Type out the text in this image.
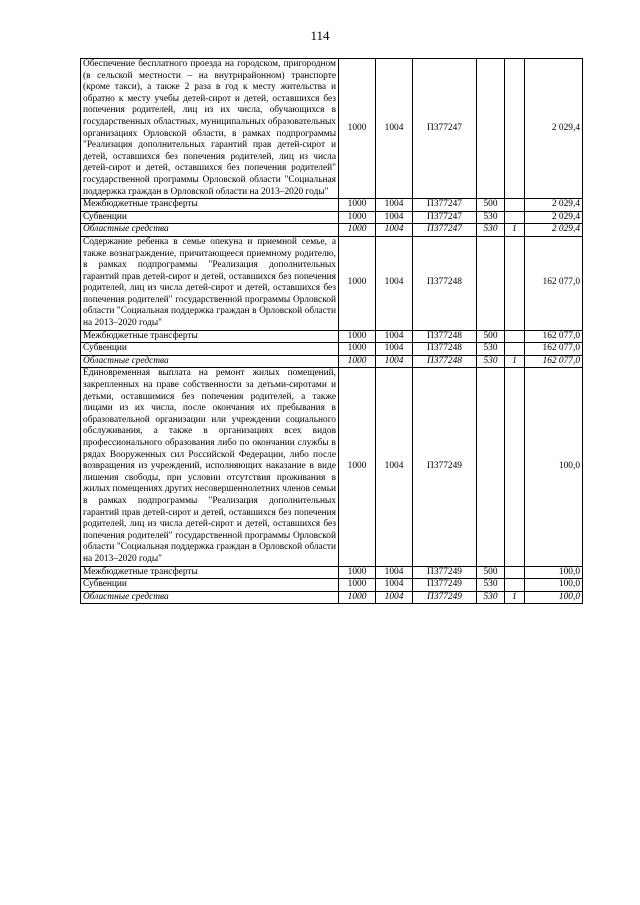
114
Обеспечение бесплатного проезда на городском, пригородном (в сельской местности – на внутрирайонном) транспорте (кроме такси), а также 2 раза в год к месту жительства и обратно к месту учебы детей-сирот и детей, оставшихся без попечения родителей, лиц из их числа, обучающихся в государственных областных, муниципальных образовательных организациях Орловской области, в рамках подпрограммы "Реализация дополнительных гарантий прав детей-сирот и детей, оставшихся без попечения родителей, лиц из числа детей-сирот и детей, оставшихся без попечения родителей" государственной программы Орловской области "Социальная поддержка граждан в Орловской области на 2013–2020 годы"	1000	1004	П377247			2 029,4
Межбюджетные трансферты	1000	1004	П377247	500		2 029,4
Субвенции	1000	1004	П377247	530		2 029,4
Областные средства	1000	1004	П377247	530	1	2 029,4
Содержание ребенка в семье опекуна и приемной семье, а также вознаграждение, причитающееся приемному родителю, в рамках подпрограммы "Реализация дополнительных гарантий прав детей-сирот и детей, оставшихся без попечения родителей, лиц из числа детей-сирот и детей, оставшихся без попечения родителей" государственной программы Орловской области "Социальная поддержка граждан в Орловской области на 2013–2020 годы"	1000	1004	П377248			162 077,0
Межбюджетные трансферты	1000	1004	П377248	500		162 077,0
Субвенции	1000	1004	П377248	530		162 077,0
Областные средства	1000	1004	П377248	530	1	162 077,0
Единовременная выплата на ремонт жилых помещений, закрепленных на праве собственности за детьми-сиротами и детьми, оставшимися без попечения родителей, а также лицами из их числа, после окончания их пребывания в образовательной организации или учреждении социального обслуживания, а также в организациях всех видов профессионального образования либо по окончании службы в рядах Вооруженных сил Российской Федерации, либо после возвращения из учреждений, исполняющих наказание в виде лишения свободы, при условии отсутствия проживания в жилых помещениях других несовершеннолетних членов семьи в рамках подпрограммы "Реализация дополнительных гарантий прав детей-сирот и детей, оставшихся без попечения родителей, лиц из числа детей-сирот и детей, оставшихся без попечения родителей" государственной программы Орловской области "Социальная поддержка граждан в Орловской области на 2013–2020 годы"	1000	1004	П377249			100,0
Межбюджетные трансферты	1000	1004	П377249	500		100,0
Субвенции	1000	1004	П377249	530		100,0
Областные средства	1000	1004	П377249	530	1	100,0
